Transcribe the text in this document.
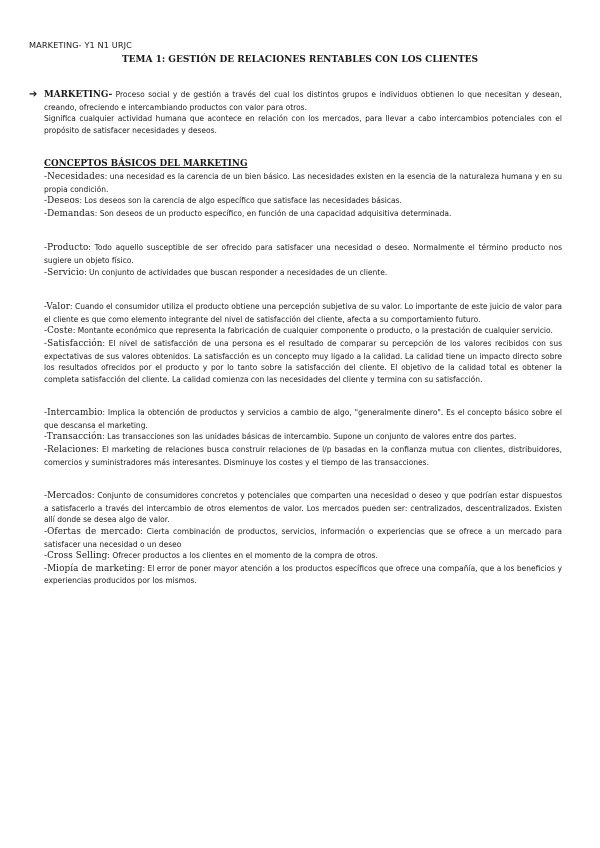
MARKETING- Y1 N1 URJC
TEMA 1: GESTIÓN DE RELACIONES RENTABLES CON LOS CLIENTES

➔ MARKETING- Proceso social y de gestión a través del cual los distintos grupos e individuos obtienen lo que necesitan y desean, creando, ofreciendo e intercambiando productos con valor para otros.

Significa cualquier actividad humana que acontece en relación con los mercados, para llevar a cabo intercambios potenciales con el propósito de satisfacer necesidades y deseos.

CONCEPTOS BÁSICOS DEL MARKETING

-Necesidades: una necesidad es la carencia de un bien básico. Las necesidades existen en la esencia de la naturaleza humana y en su propia condición.

-Deseos: Los deseos son la carencia de algo específico que satisface las necesidades básicas.

-Demandas: Son deseos de un producto específico, en función de una capacidad adquisitiva determinada.

-Producto: Todo aquello susceptible de ser ofrecido para satisfacer una necesidad o deseo. Normalmente el término producto nos sugiere un objeto físico.

-Servicio: Un conjunto de actividades que buscan responder a necesidades de un cliente.

-Valor: Cuando el consumidor utiliza el producto obtiene una percepción subjetiva de su valor. Lo importante de este juicio de valor para el cliente es que como elemento integrante del nivel de satisfacción del cliente, afecta a su comportamiento futuro.

-Coste: Montante económico que representa la fabricación de cualquier componente o producto, o la prestación de cualquier servicio.

-Satisfacción: El nivel de satisfacción de una persona es el resultado de comparar su percepción de los valores recibidos con sus expectativas de sus valores obtenidos. La satisfacción es un concepto muy ligado a la calidad. La calidad tiene un impacto directo sobre los resultados ofrecidos por el producto y por lo tanto sobre la satisfacción del cliente. El objetivo de la calidad total es obtener la completa satisfacción del cliente. La calidad comienza con las necesidades del cliente y termina con su satisfacción.

-Intercambio: Implica la obtención de productos y servicios a cambio de algo, "generalmente dinero". Es el concepto básico sobre el que descansa el marketing.

-Transacción: Las transacciones son las unidades básicas de intercambio. Supone un conjunto de valores entre dos partes.

-Relaciones: El marketing de relaciones busca construir relaciones de l/p basadas en la confianza mutua con clientes, distribuidores, comercios y suministradores más interesantes. Disminuye los costes y el tiempo de las transacciones.

-Mercados: Conjunto de consumidores concretos y potenciales que comparten una necesidad o deseo y que podrían estar dispuestos a satisfacerlo a través del intercambio de otros elementos de valor. Los mercados pueden ser: centralizados, descentralizados. Existen allí donde se desea algo de valor.

-Ofertas de mercado: Cierta combinación de productos, servicios, información o experiencias que se ofrece a un mercado para satisfacer una necesidad o un deseo

-Cross Selling: Ofrecer productos a los clientes en el momento de la compra de otros.

-Miopía de marketing: El error de poner mayor atención a los productos específicos que ofrece una compañía, que a los beneficios y experiencias producidos por los mismos.
